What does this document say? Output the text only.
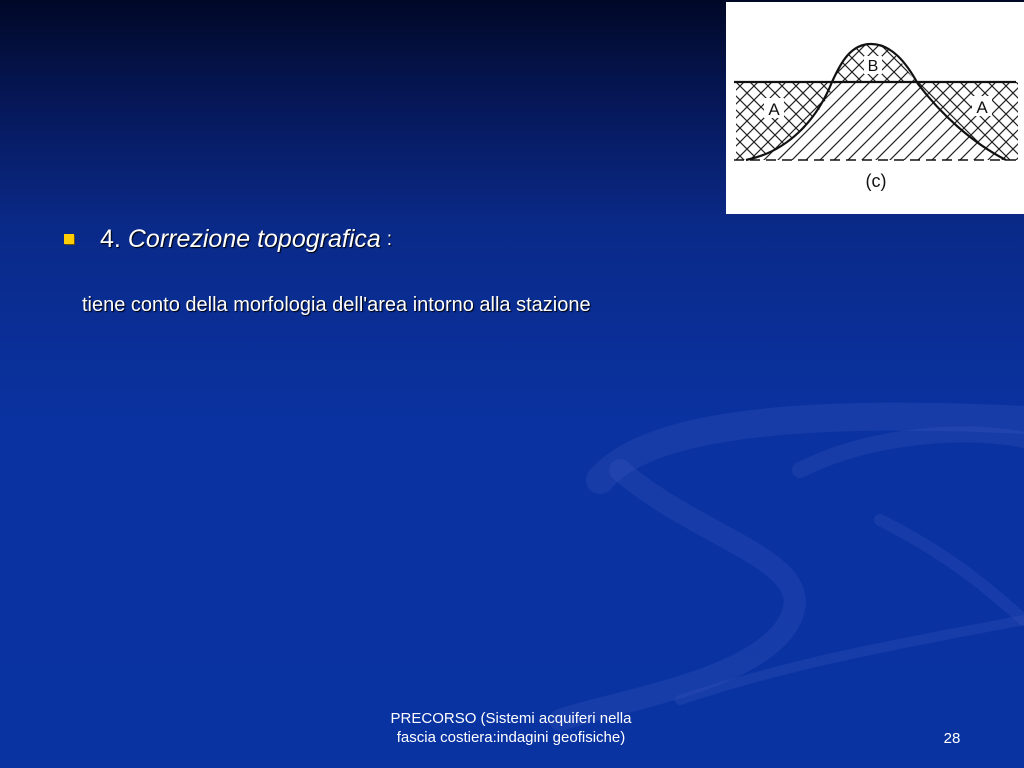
A
B
A
(c)
4. Correzione topografica :
tiene conto della morfologia dell'area intorno alla stazione
PRECORSO (Sistemi acquiferi nella
fascia costiera:indagini geofisiche)	28
